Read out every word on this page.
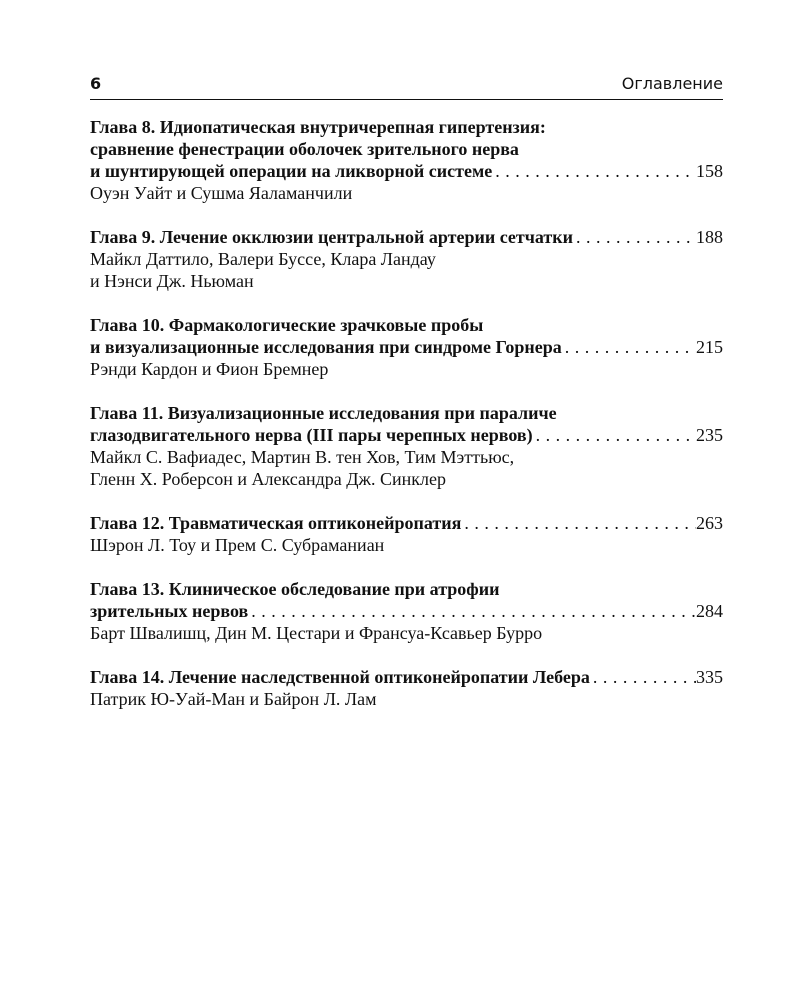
6	Оглавление
Глава 8. Идиопатическая внутричерепная гипертензия:
сравнение фенестрации оболочек зрительного нерва
и шунтирующей операции на ликворной системе . . .	158
Оуэн Уайт и Сушма Яаламанчили
Глава 9. Лечение окклюзии центральной артерии сетчатки . . .	188
Майкл Даттило, Валери Буссе, Клара Ландау
и Нэнси Дж. Ньюман
Глава 10. Фармакологические зрачковые пробы
и визуализационные исследования при синдроме Горнера . . .	215
Рэнди Кардон и Фион Бремнер
Глава 11. Визуализационные исследования при параличе
глазодвигательного нерва (III пары черепных нервов) . . .	235
Майкл С. Вафиадес, Мартин В. тен Хов, Тим Мэттьюс,
Гленн Х. Роберсон и Александра Дж. Синклер
Глава 12. Травматическая оптиконейропатия . . .	263
Шэрон Л. Тоу и Прем С. Субраманиан
Глава 13. Клиническое обследование при атрофии
зрительных нервов . . .	284
Барт Швалишц, Дин М. Цестари и Франсуа-Ксавьер Бурро
Глава 14. Лечение наследственной оптиконейропатии Лебера . . .	335
Патрик Ю-Уай-Ман и Байрон Л. Лам
